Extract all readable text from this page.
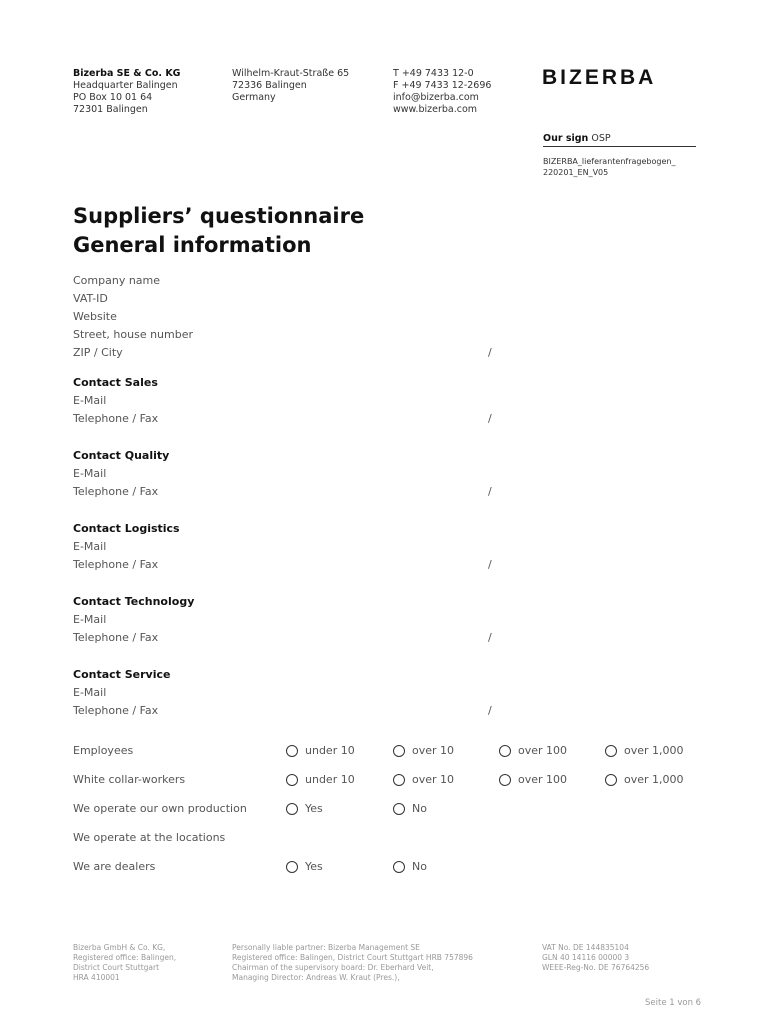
Bizerba SE & Co. KG
Headquarter Balingen
PO Box 10 01 64
72301 Balingen
Wilhelm-Kraut-Straße 65
72336 Balingen
Germany
T +49 7433 12-0
F +49 7433 12-2696
info@bizerba.com
www.bizerba.com
BIZERBA
Our sign OSP
BIZERBA_lieferantenfragebogen_
220201_EN_V05
Suppliers’ questionnaire
General information
Company name
VAT-ID
Website
Street, house number
ZIP / City	/
Contact Sales
E-Mail
Telephone / Fax	/
Contact Quality
E-Mail
Telephone / Fax	/
Contact Logistics
E-Mail
Telephone / Fax	/
Contact Technology
E-Mail
Telephone / Fax	/
Contact Service
E-Mail
Telephone / Fax	/
Employees	under 10	over 10	over 100	over 1,000
White collar-workers	under 10	over 10	over 100	over 1,000
We operate our own production	Yes	No
We operate at the locations
We are dealers	Yes	No
Bizerba GmbH & Co. KG,
Registered office: Balingen,
District Court Stuttgart
HRA 410001
Personally liable partner: Bizerba Management SE
Registered office: Balingen, District Court Stuttgart HRB 757896
Chairman of the supervisory board: Dr. Eberhard Veit,
Managing Director: Andreas W. Kraut (Pres.),
VAT No. DE 144835104
GLN 40 14116 00000 3
WEEE-Reg-No. DE 76764256
Seite 1 von 6
